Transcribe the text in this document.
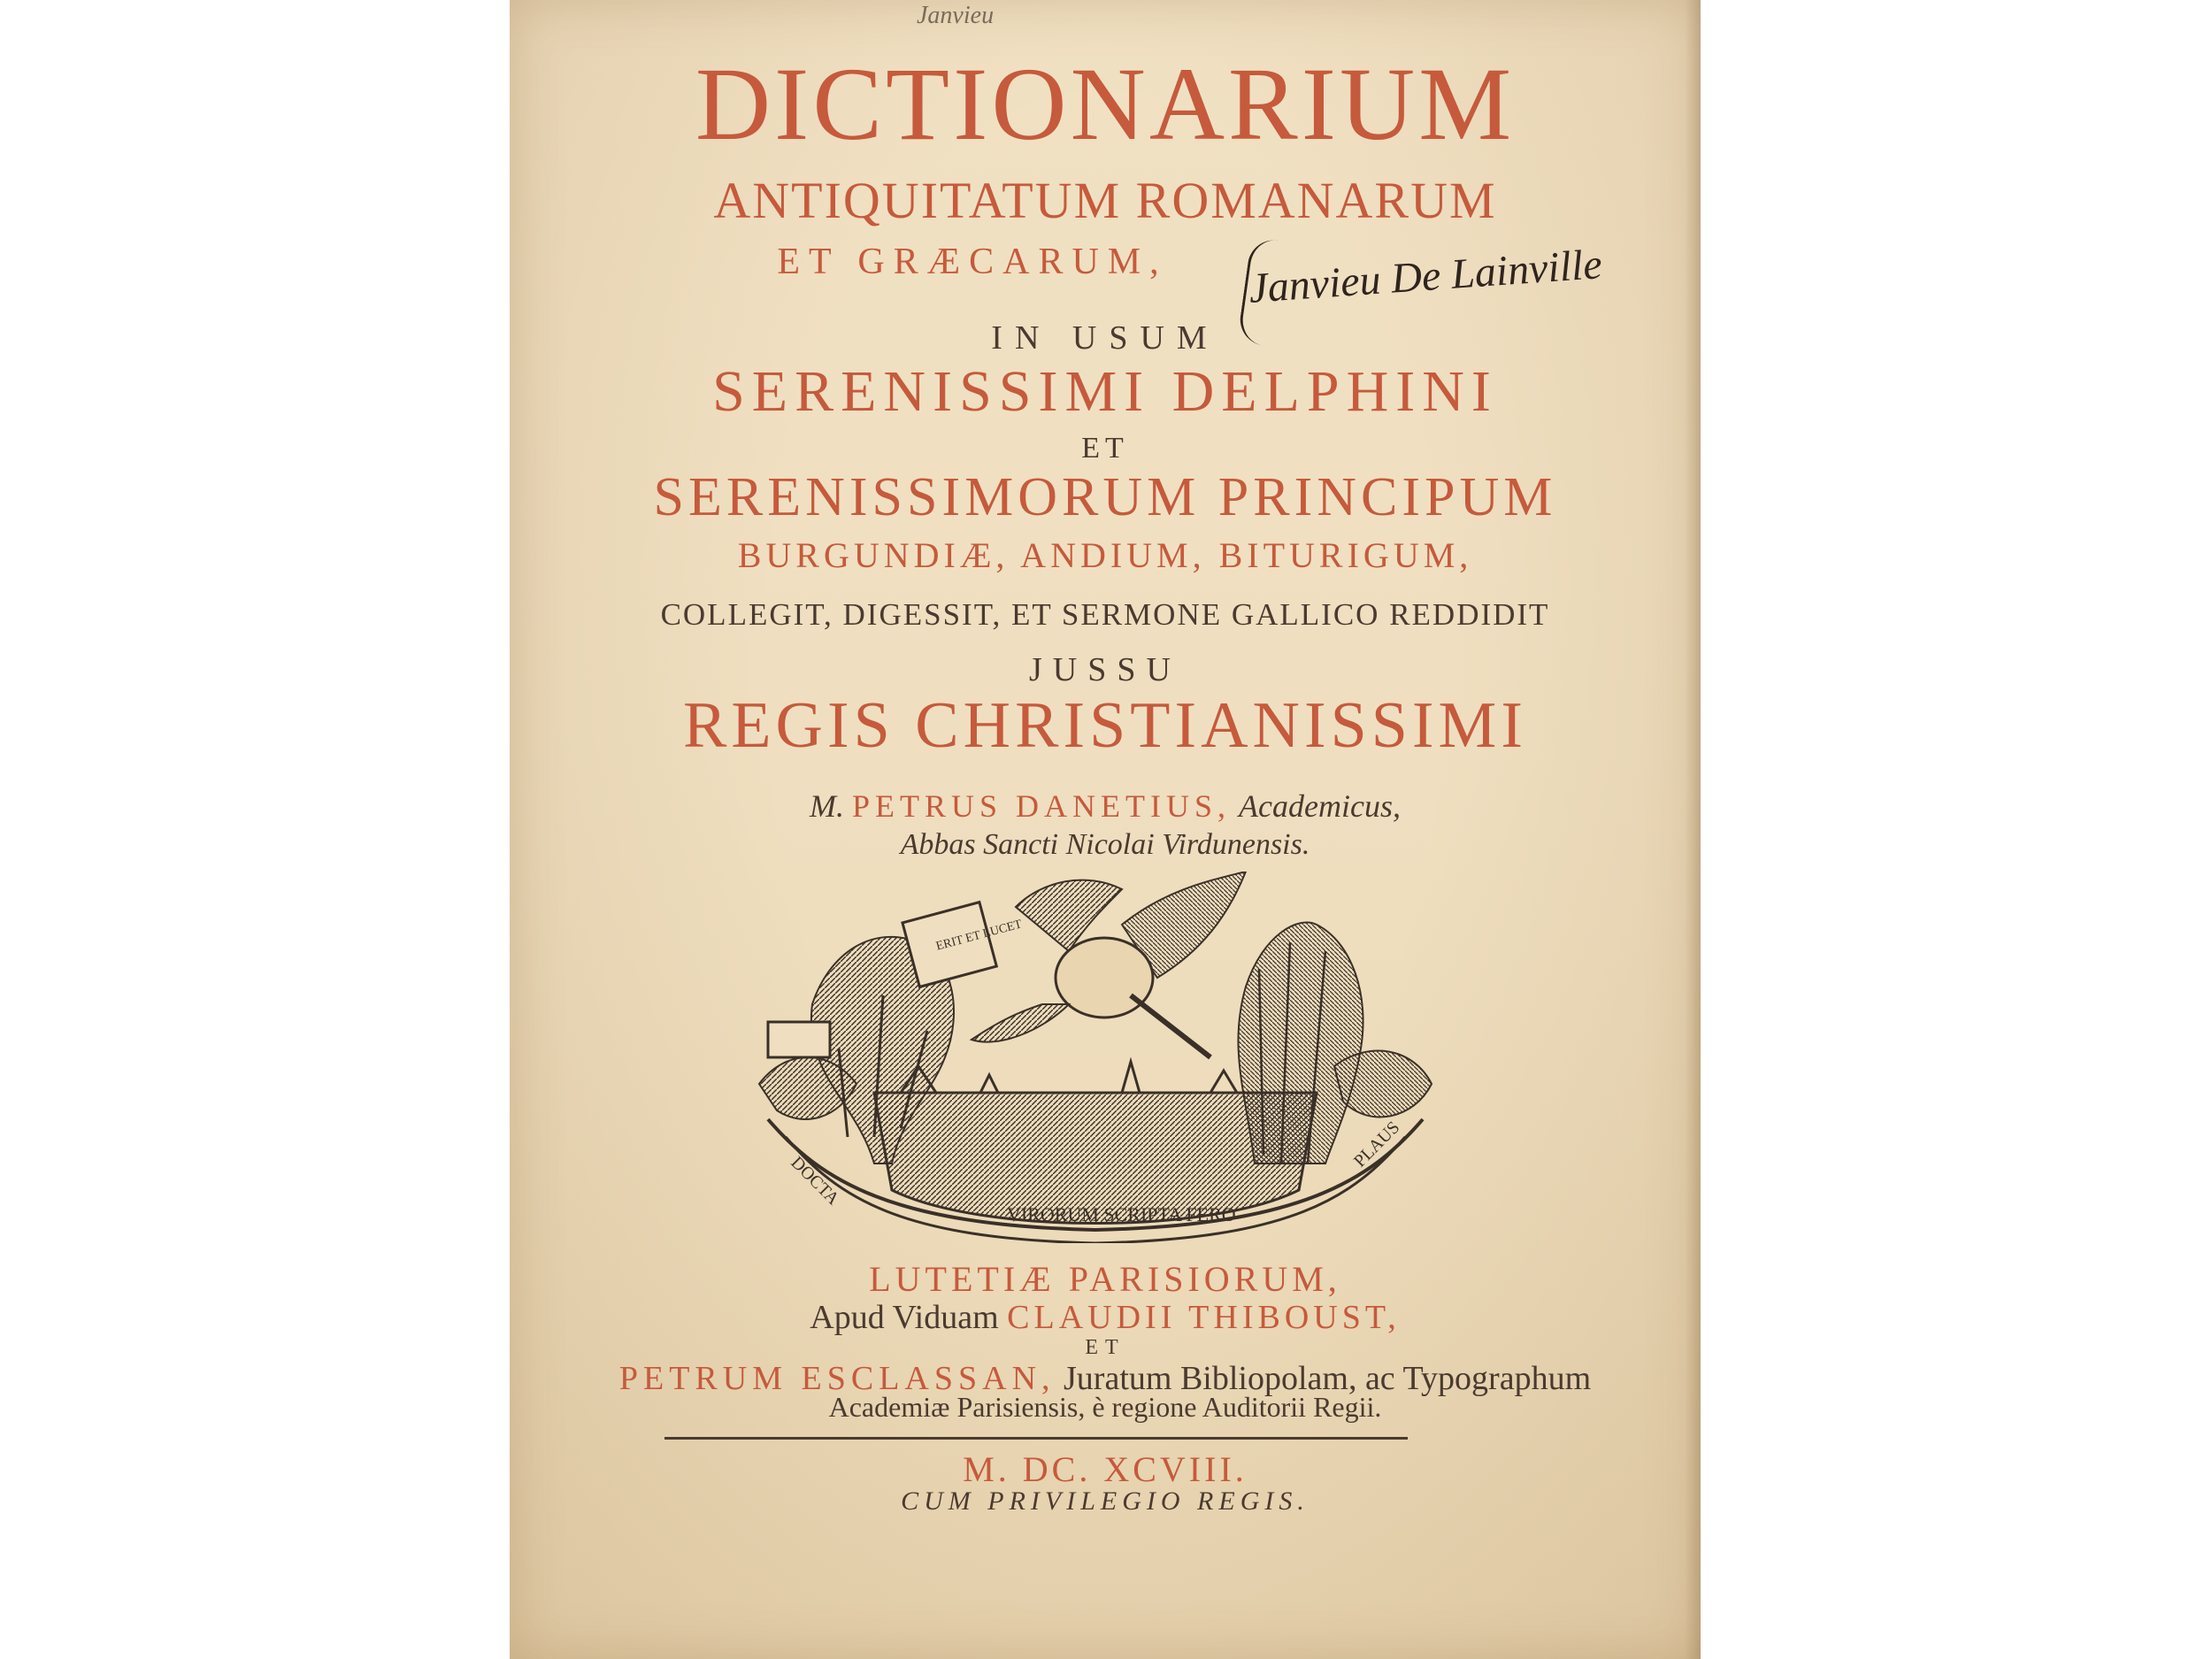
Janvieu
DICTIONARIUM
ANTIQUITATUM ROMANARUM
ET GRÆCARUM,	Janvieu De Lainville
IN USUM
SERENISSIMI DELPHINI
ET
SERENISSIMORUM PRINCIPUM
BURGUNDIÆ, ANDIUM, BITURIGUM,
COLLEGIT, DIGESSIT, ET SERMONE GALLICO REDDIDIT
JUSSU
REGIS CHRISTIANISSIMI
M. PETRUS DANETIUS, Academicus,
Abbas Sancti Nicolai Virdunensis.
ERIT ET LUCET
DOCTA
VIRORUM SCRIPTA FERO
PLAUS
LUTETIÆ PARISIORUM,
Apud Viduam CLAUDII THIBOUST,
ET
PETRUM ESCLASSAN, Juratum Bibliopolam, ac Typographum
Academiæ Parisiensis, è regione Auditorii Regii.
M. DC. XCVIII.
CUM PRIVILEGIO REGIS.
